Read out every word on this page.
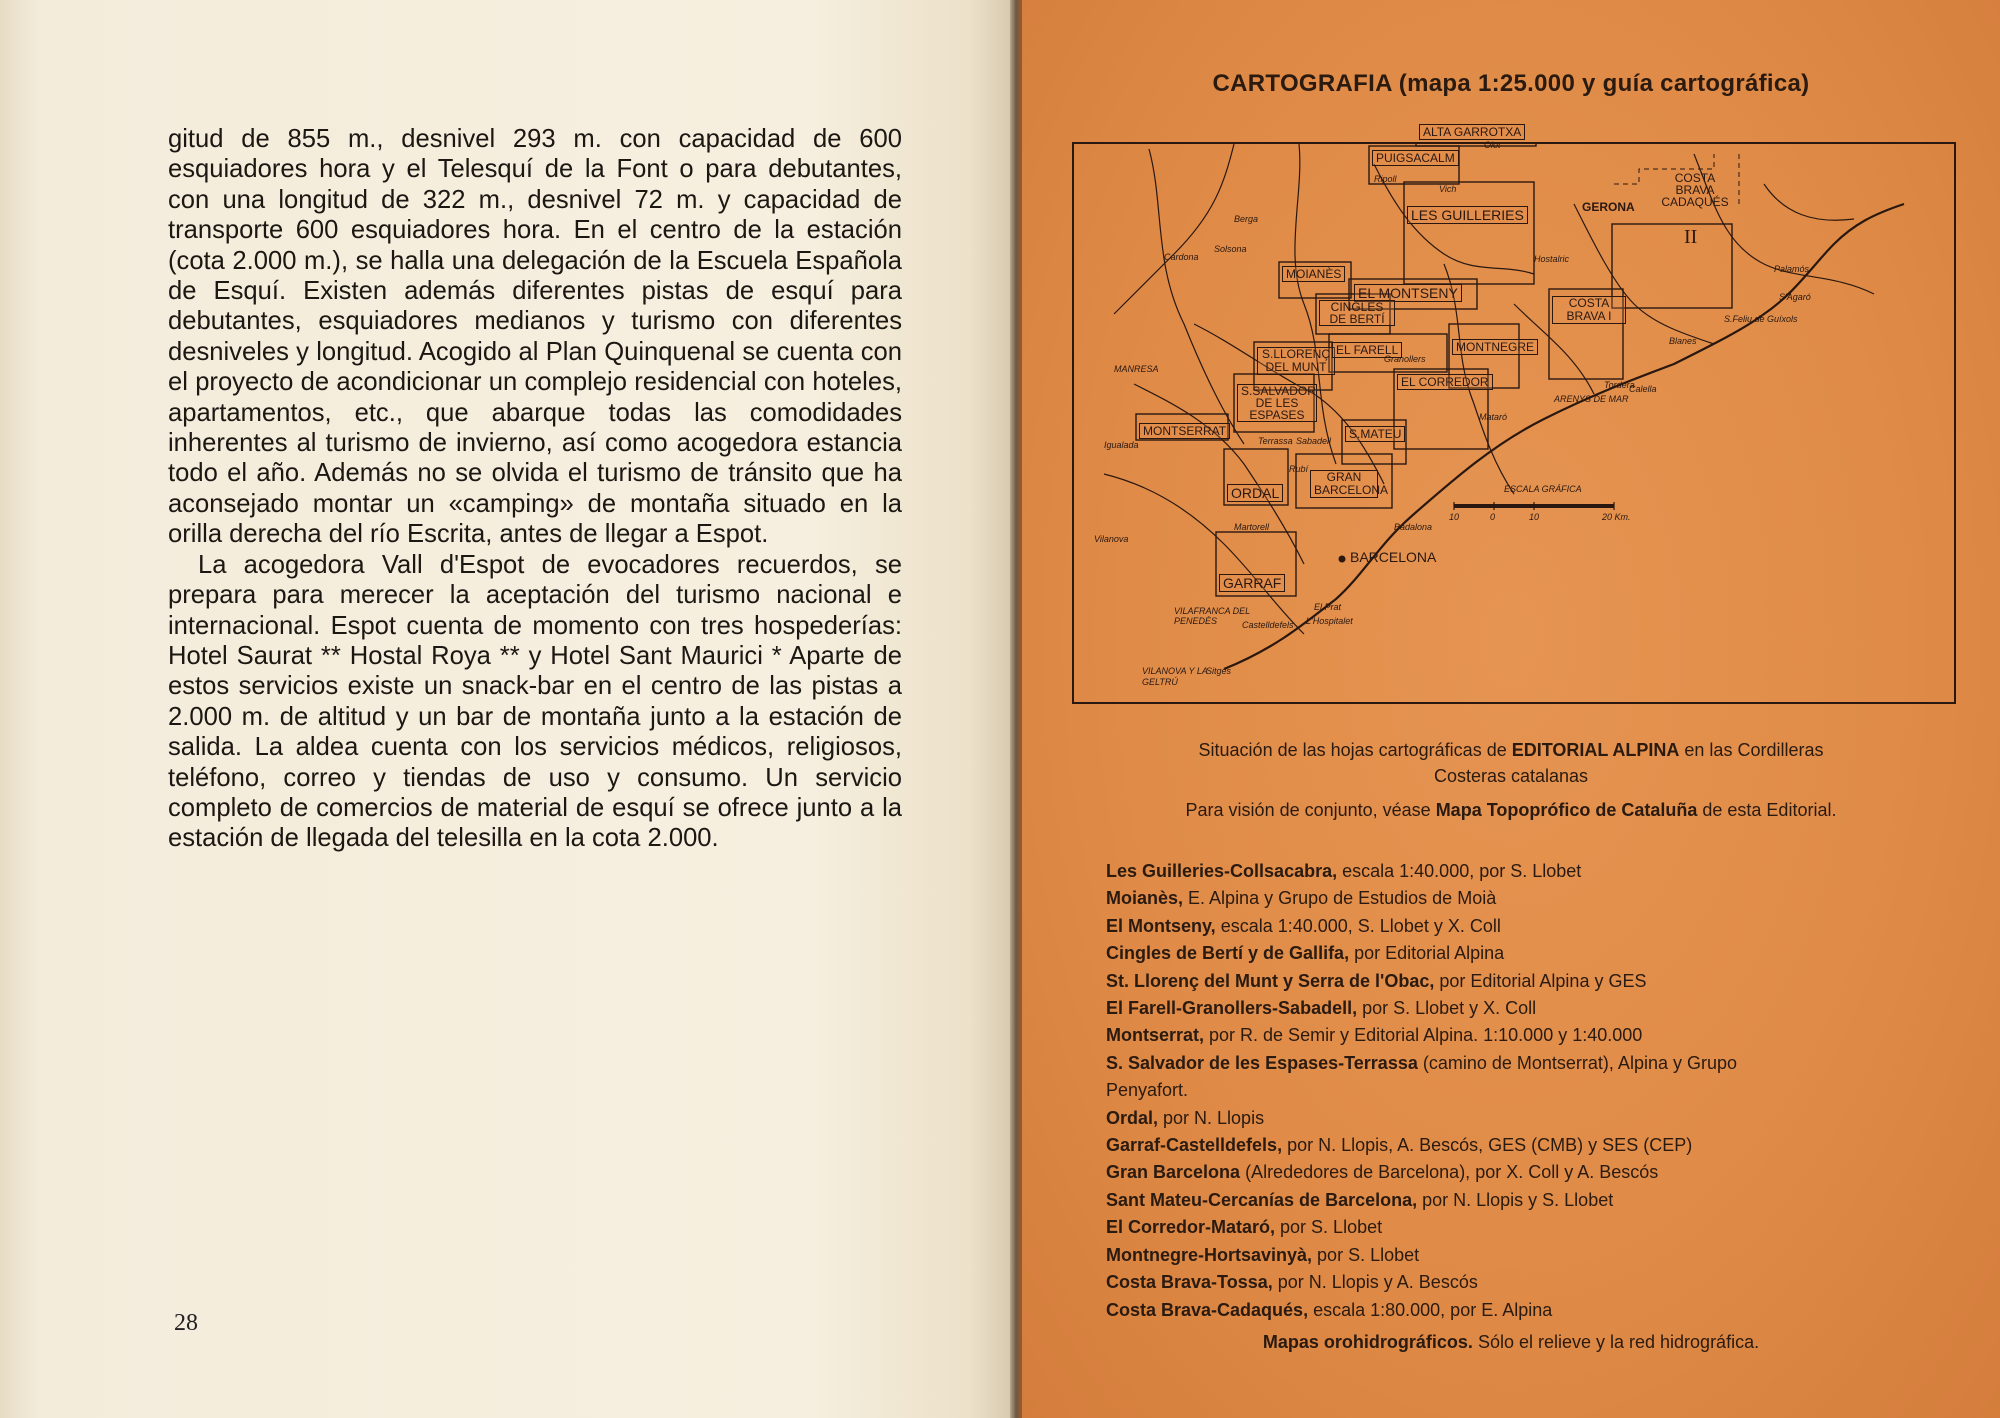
gitud de 855 m., desnivel 293 m. con capacidad de 600 esquiadores hora y el Telesquí de la Font o para debutantes, con una longitud de 322 m., desnivel 72 m. y capacidad de transporte 600 esquiadores hora. En el centro de la estación (cota 2.000 m.), se halla una delegación de la Escuela Española de Esquí. Existen además diferentes pistas de esquí para debutantes, esquiadores medianos y turismo con diferentes desniveles y longitud. Acogido al Plan Quinquenal se cuenta con el proyecto de acondicionar un complejo residencial con hoteles, apartamentos, etc., que abarque todas las comodidades inherentes al turismo de invierno, así como acogedora estancia todo el año. Además no se olvida el turismo de tránsito que ha aconsejado montar un «camping» de montaña situado en la orilla derecha del río Escrita, antes de llegar a Espot.

La acogedora Vall d'Espot de evocadores recuerdos, se prepara para merecer la aceptación del turismo nacional e internacional. Espot cuenta de momento con tres hospederías: Hotel Saurat ** Hostal Roya ** y Hotel Sant Maurici * Aparte de estos servicios existe un snack-bar en el centro de las pistas a 2.000 m. de altitud y un bar de montaña junto a la estación de salida. La aldea cuenta con los servicios médicos, religiosos, teléfono, correo y tiendas de uso y consumo. Un servicio completo de comercios de material de esquí se ofrece junto a la estación de llegada del telesilla en la cota 2.000.

28
CARTOGRAFIA (mapa 1:25.000 y guía cartográfica)
ALTA GARROTXA
PUIGSACALM
LES GUILLERIES
MOIANÈS
EL MONTSENY
CINGLES DE BERTÍ
S.LLORENÇ DEL MUNT
EL FARELL	MONTNEGRE
EL CORREDOR
S.SALVADOR DE LES ESPASES
MONTSERRAT	S.MATEU
ORDAL
GRAN BARCELONA
GARRAF
COSTA BRAVA I
COSTA BRAVA CADAQUÉS
II
Olot
GERONA
MANRESA
BARCELONA
Palamós
S'Agaró
Tordera
Mataró
Sabadell
Terrassa
Martorell
Vich
VILANOVA Y LA GELTRÚ
Sitges
VILAFRANCA DEL PENEDÈS
Badalona
Cardona
Berga
Solsona
Ripoll
Calella
ARENYS DE MAR
Granollers
Hostalric
Blanes
Rubí
Igualada
S.Feliu de Guíxols
El Prat
L'Hospitalet
Vilanova
Castelldefels
ESCALA GRÁFICA
10	0	10	20 Km.
Situación de las hojas cartográficas de EDITORIAL ALPINA en las Cordilleras
Costeras catalanas
Para visión de conjunto, véase Mapa Topoprófico de Cataluña de esta Editorial.
Les Guilleries-Collsacabra, escala 1:40.000, por S. Llobet
Moianès, E. Alpina y Grupo de Estudios de Moià
El Montseny, escala 1:40.000, S. Llobet y X. Coll
Cingles de Bertí y de Gallifa, por Editorial Alpina
St. Llorenç del Munt y Serra de l'Obac, por Editorial Alpina y GES
El Farell-Granollers-Sabadell, por S. Llobet y X. Coll
Montserrat, por R. de Semir y Editorial Alpina. 1:10.000 y 1:40.000
S. Salvador de les Espases-Terrassa (camino de Montserrat), Alpina y Grupo
Penyafort.
Ordal, por N. Llopis
Garraf-Castelldefels, por N. Llopis, A. Bescós, GES (CMB) y SES (CEP)
Gran Barcelona (Alrededores de Barcelona), por X. Coll y A. Bescós
Sant Mateu-Cercanías de Barcelona, por N. Llopis y S. Llobet
El Corredor-Mataró, por S. Llobet
Montnegre-Hortsavinyà, por S. Llobet
Costa Brava-Tossa, por N. Llopis y A. Bescós
Costa Brava-Cadaqués, escala 1:80.000, por E. Alpina
Mapas orohidrográficos. Sólo el relieve y la red hidrográfica.
